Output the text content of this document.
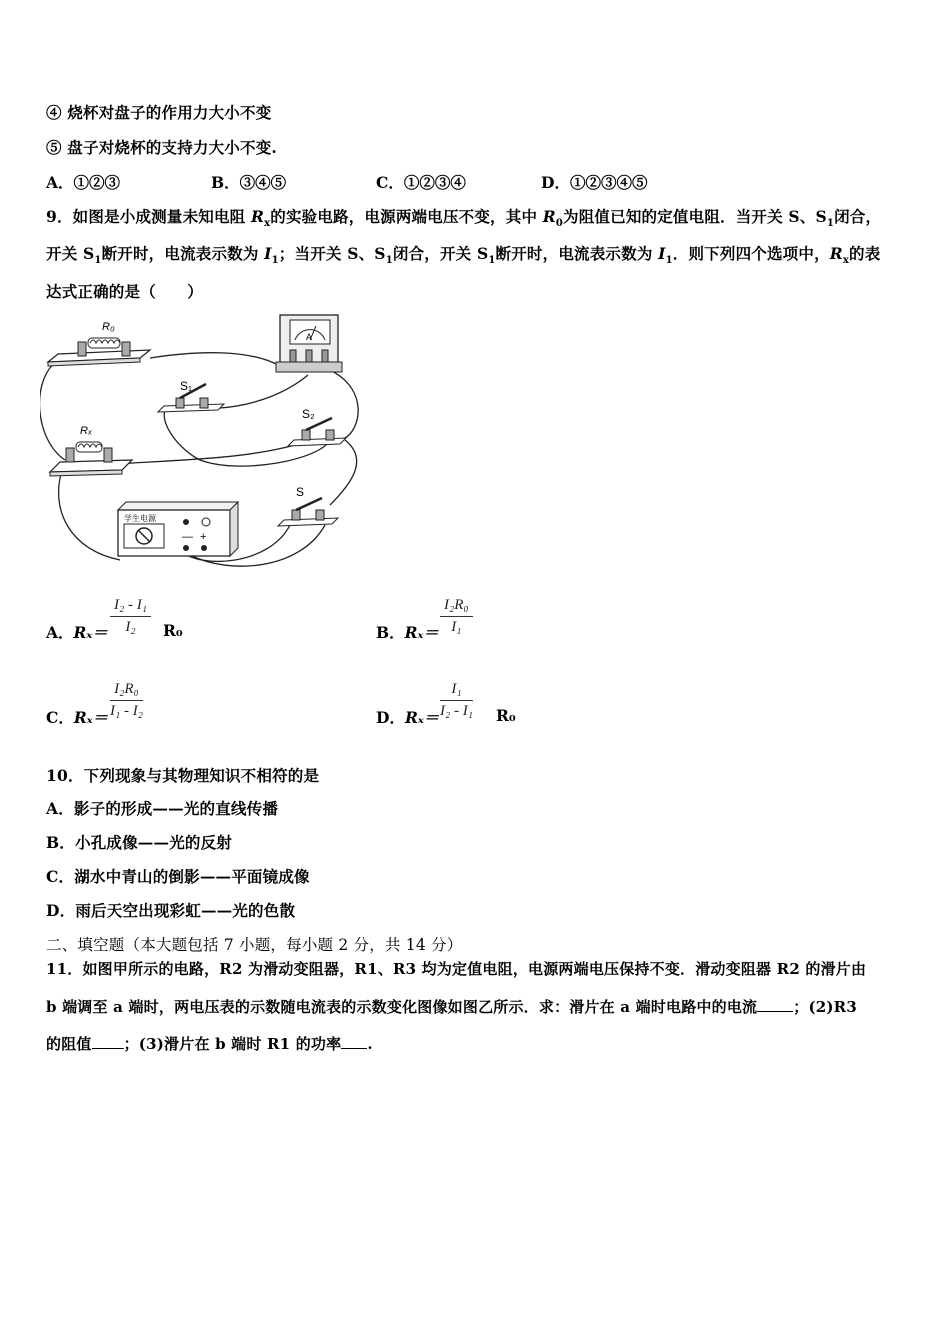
④ 烧杯对盘子的作用力大小不变
⑤ 盘子对烧杯的支持力大小不变.
A．①②③	B．③④⑤	C．①②③④	D．①②③④⑤
9．如图是小成测量未知电阻 $R_x$的实验电路，电源两端电压不变，其中 $R_0$为阻值已知的定值电阻．当开关 S、$S_1$闭合，
开关 $S_1$断开时，电流表示数为 $I_1$；当开关 S、$S_1$闭合，开关 $S_1$断开时，电流表示数为 $I_1$．则下列四个选项中，$R_x$的表
达式正确的是（　　）
R₀
A
S₁
S₂
Rₓ
学生电源
— +
S
A．$R_x= \frac{\text{I₂ - I₁}}{\text{I₂}} R_0$	B．$R_x= \frac{\text{I₂R₀}}{\text{I₁}}$
C．$R_x= \frac{\text{I₂R₀}}{\text{I₁ - I₂}}$	D．$R_x= \frac{\text{I₁}}{\text{I₂ - I₁}} R_0$
10．下列现象与其物理知识不相符的是
A．影子的形成——光的直线传播
B．小孔成像——光的反射
C．湖水中青山的倒影——平面镜成像
D．雨后天空出现彩虹——光的色散
二、填空题（本大题包括 7 小题，每小题 2 分，共 14 分）
11．如图甲所示的电路，R2 为滑动变阻器，R1、R3 均为定值电阻，电源两端电压保持不变．滑动变阻器 R2 的滑片由
b 端调至 a 端时，两电压表的示数随电流表的示数变化图像如图乙所示．求：滑片在 a 端时电路中的电流 ；(2)R3
的阻值 ；(3)滑片在 b 端时 R1 的功率 .
